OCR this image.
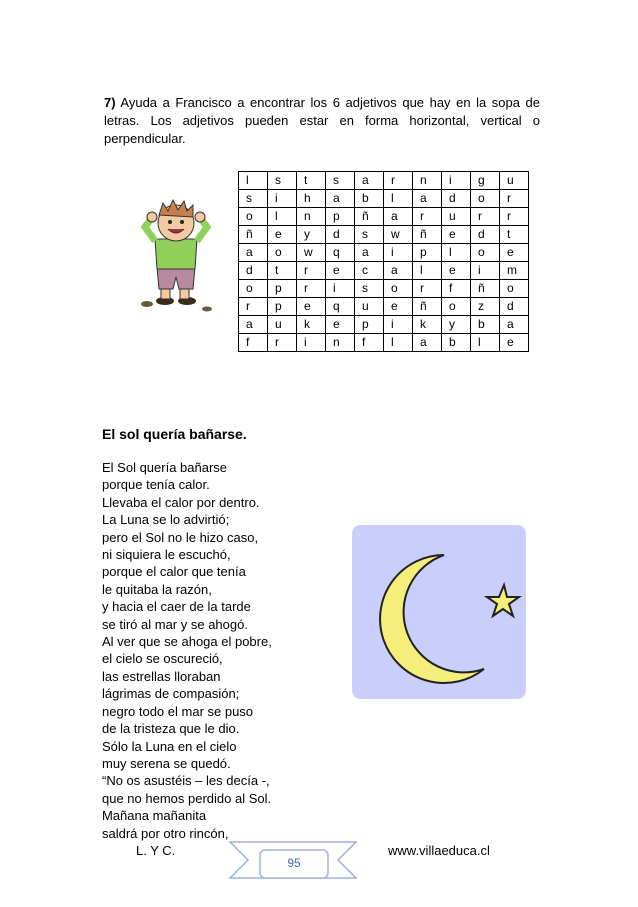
7) Ayuda a Francisco a encontrar los 6 adjetivos que hay en la sopa de letras. Los adjetivos pueden estar en forma horizontal, vertical o perpendicular.

l	s	t	s	a	r	n	i	g	u
s	i	h	a	b	l	a	d	o	r
o	l	n	p	ñ	a	r	u	r	r
ñ	e	y	d	s	w	ñ	e	d	t
a	o	w	q	a	i	p	l	o	e
d	t	r	e	c	a	l	e	i	m
o	p	r	i	s	o	r	f	ñ	o
r	p	e	q	u	e	ñ	o	z	d
a	u	k	e	p	i	k	y	b	a
f	r	i	n	f	l	a	b	l	e
El sol quería bañarse.
El Sol quería bañarse
porque tenía calor.
Llevaba el calor por dentro.
La Luna se lo advirtió;
pero el Sol no le hizo caso,
ni siquiera le escuchó,
porque el calor que tenía
le quitaba la razón,
y hacia el caer de la tarde
se tiró al mar y se ahogó.
Al ver que se ahoga el pobre,
el cielo se oscureció,
las estrellas lloraban
lágrimas de compasión;
negro todo el mar se puso
de la tristeza que le dio.
Sólo la Luna en el cielo
muy serena se quedó.
“No os asustéis – les decía -,
que no hemos perdido al Sol.
Mañana mañanita
saldrá por otro rincón,
L. Y C.
95
www.villaeduca.cl
